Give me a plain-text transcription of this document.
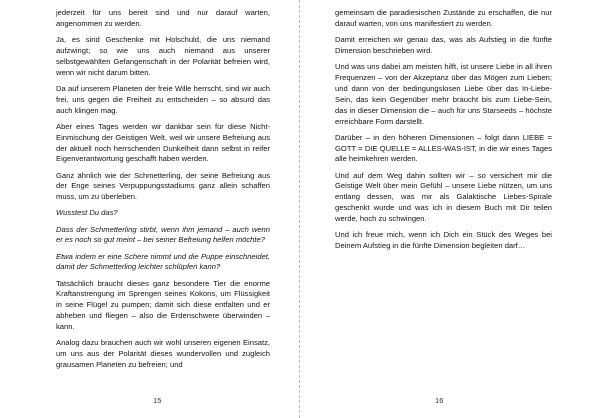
jederzeit für uns bereit sind und nur darauf warten, angenommen zu werden.

Ja, es sind Geschenke mit Holschuld, die uns niemand aufzwingt; so wie uns auch niemand aus unserer selbstgewählten Gefangenschaft in der Polarität befreien wird, wenn wir nicht darum bitten.

Da auf unserem Planeten der freie Wille herrscht, sind wir auch frei, uns gegen die Freiheit zu entscheiden – so absurd das auch klingen mag.

Aber eines Tages werden wir dankbar sein für diese Nicht-Einmischung der Geistigen Welt, weil wir unsere Befreiung aus der aktuell noch herrschenden Dunkelheit dann selbst in reifer Eigenverantwortung geschafft haben werden.

Ganz ähnlich wie der Schmetterling, der seine Befreiung aus der Enge seines Verpuppungsstadiums ganz allein schaffen muss, um zu überleben.

Wusstest Du das?

Dass der Schmetterling stirbt, wenn ihm jemand – auch wenn er es noch so gut meint – bei seiner Befreiung helfen möchte?

Etwa indem er eine Schere nimmt und die Puppe einschneidet, damit der Schmetterling leichter schlüpfen kann?

Tatsächlich braucht dieses ganz besondere Tier die enorme Kraftanstrengung im Sprengen seines Kokons, um Flüssigkeit in seine Flügel zu pumpen; damit sich diese entfalten und er abheben und fliegen – also die Erdenschwere überwinden – kann.

Analog dazu brauchen auch wir wohl unseren eigenen Einsatz, um uns aus der Polarität dieses wundervollen und zugleich grausamen Planeten zu befreien; und

15

gemeinsam die paradiesischen Zustände zu erschaffen, die nur darauf warten, von uns manifestiert zu werden.

Damit erreichen wir genau das, was als Aufstieg in die fünfte Dimension beschrieben wird.

Und was uns dabei am meisten hilft, ist unsere Liebe in all ihren Frequenzen – von der Akzeptanz über das Mögen zum Lieben; und dann von der bedingungslosen Liebe über das In-Liebe-Sein, das kein Gegenüber mehr braucht bis zum Liebe-Sein, das in dieser Dimension die – auch für uns Starseeds – höchste erreichbare Form darstellt.

Darüber – in den höheren Dimensionen – folgt dann LIEBE = GOTT = DIE QUELLE = ALLES-WAS-IST, in die wir eines Tages alle heimkehren werden.

Und auf dem Weg dahin sollten wir – so versichert mir die Geistige Welt über mein Gefühl – unsere Liebe nützen, um uns entlang dessen, was mir als Galaktische Liebes-Spirale geschenkt wurde und was ich in diesem Buch mit Dir teilen werde, hoch zu schwingen.

Und ich freue mich, wenn ich Dich ein Stück des Weges bei Deinem Aufstieg in die fünfte Dimension begleiten darf…

16
